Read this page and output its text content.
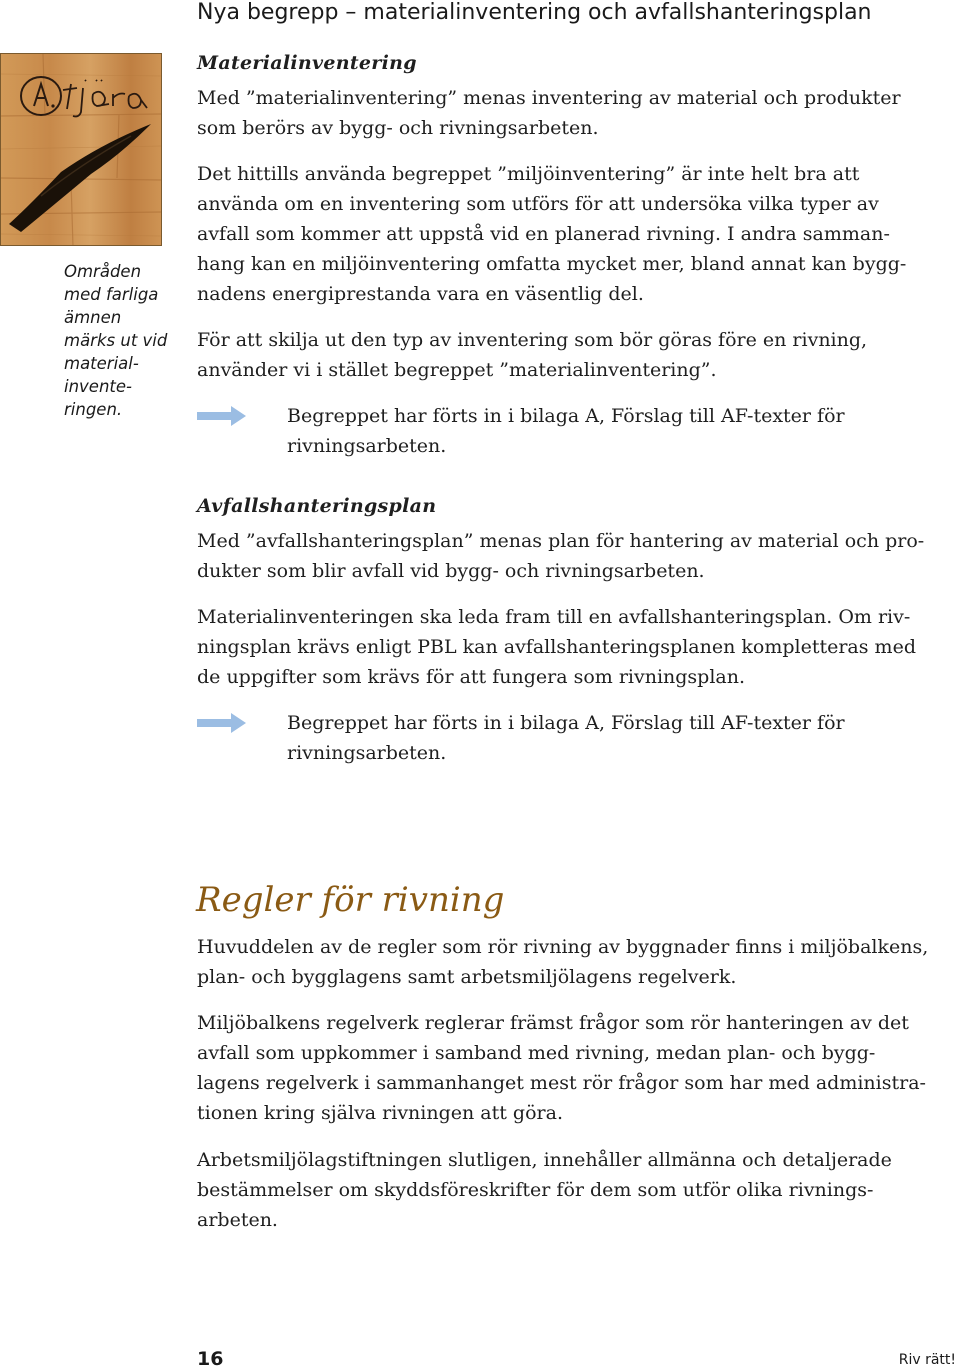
Nya begrepp – materialinventering och avfallshanteringsplan
Områden
med farliga
ämnen
märks ut vid
material-
invente-
ringen.
Materialinventering

Med ”materialinventering” menas inventering av material och produkter
som berörs av bygg- och rivningsarbeten.

Det hittills använda begreppet ”miljöinventering” är inte helt bra att
använda om en inventering som utförs för att undersöka vilka typer av
avfall som kommer att uppstå vid en planerad rivning. I andra samman-
hang kan en miljöinventering omfatta mycket mer, bland annat kan bygg-
nadens energiprestanda vara en väsentlig del.

För att skilja ut den typ av inventering som bör göras före en rivning,
använder vi i stället begreppet ”materialinventering”.

Begreppet har förts in i bilaga A, Förslag till AF-texter för
rivningsarbeten.

Avfallshanteringsplan

Med ”avfallshanteringsplan” menas plan för hantering av material och pro-
dukter som blir avfall vid bygg- och rivningsarbeten.

Materialinventeringen ska leda fram till en avfallshanteringsplan. Om riv-
ningsplan krävs enligt PBL kan avfallshanteringsplanen kompletteras med
de uppgifter som krävs för att fungera som rivningsplan.

Begreppet har förts in i bilaga A, Förslag till AF-texter för
rivningsarbeten.

Regler för rivning

Huvuddelen av de regler som rör rivning av byggnader finns i miljöbalkens,
plan- och bygglagens samt arbetsmiljölagens regelverk.

Miljöbalkens regelverk reglerar främst frågor som rör hanteringen av det
avfall som uppkommer i samband med rivning, medan plan- och bygg-
lagens regelverk i sammanhanget mest rör frågor som har med administra-
tionen kring själva rivningen att göra.

Arbetsmiljölagstiftningen slutligen, innehåller allmänna och detaljerade
bestämmelser om skyddsföreskrifter för dem som utför olika rivnings-
arbeten.

16	Riv rätt!
